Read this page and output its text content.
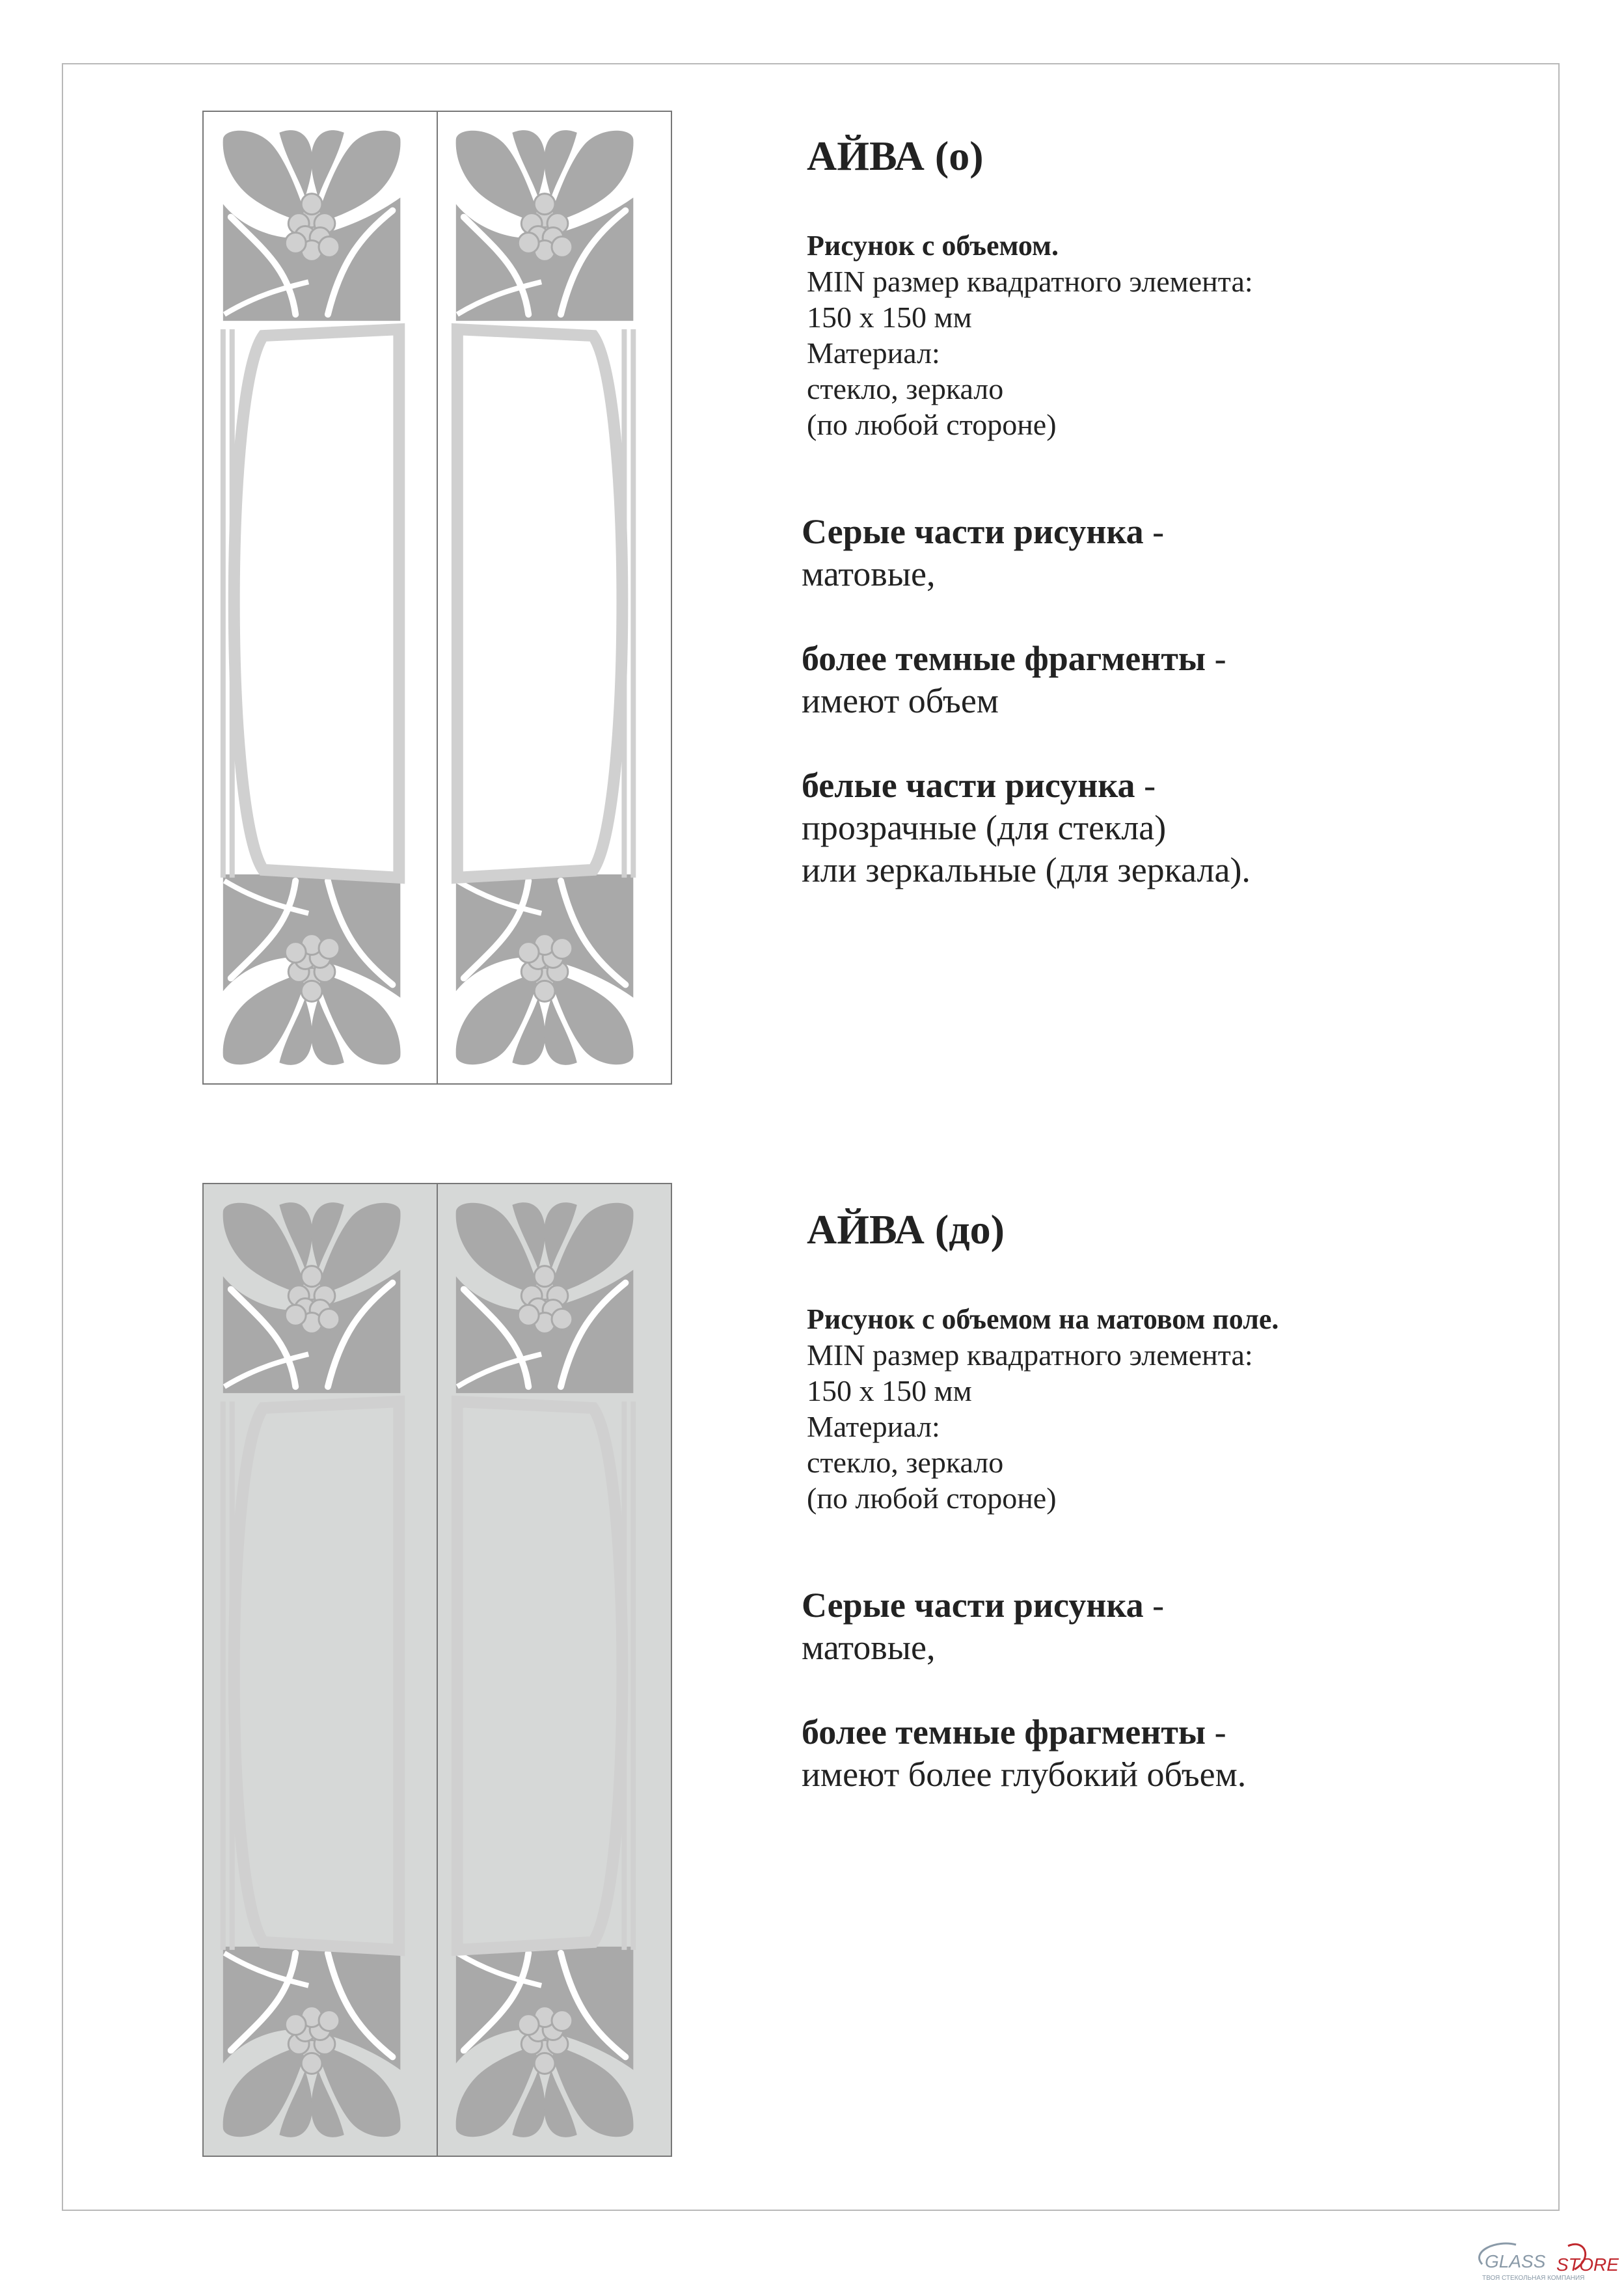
АЙВА (о)
Рисунок с объемом.
MIN размер квадратного элемента:
150 х 150 мм
Материал:
стекло, зеркало
(по любой стороне)
Серые части рисунка -
матовые,
более темные фрагменты -
имеют объем
белые части рисунка -
прозрачные (для стекла)
или зеркальные (для зеркала).
АЙВА (до)
Рисунок с объемом на матовом поле.
MIN размер квадратного элемента:
150 х 150 мм
Материал:
стекло, зеркало
(по любой стороне)
Серые части рисунка -
матовые,
более темные фрагменты -
имеют более глубокий объем.
GLASS STORE
ТВОЯ СТЕКОЛЬНАЯ КОМПАНИЯ
